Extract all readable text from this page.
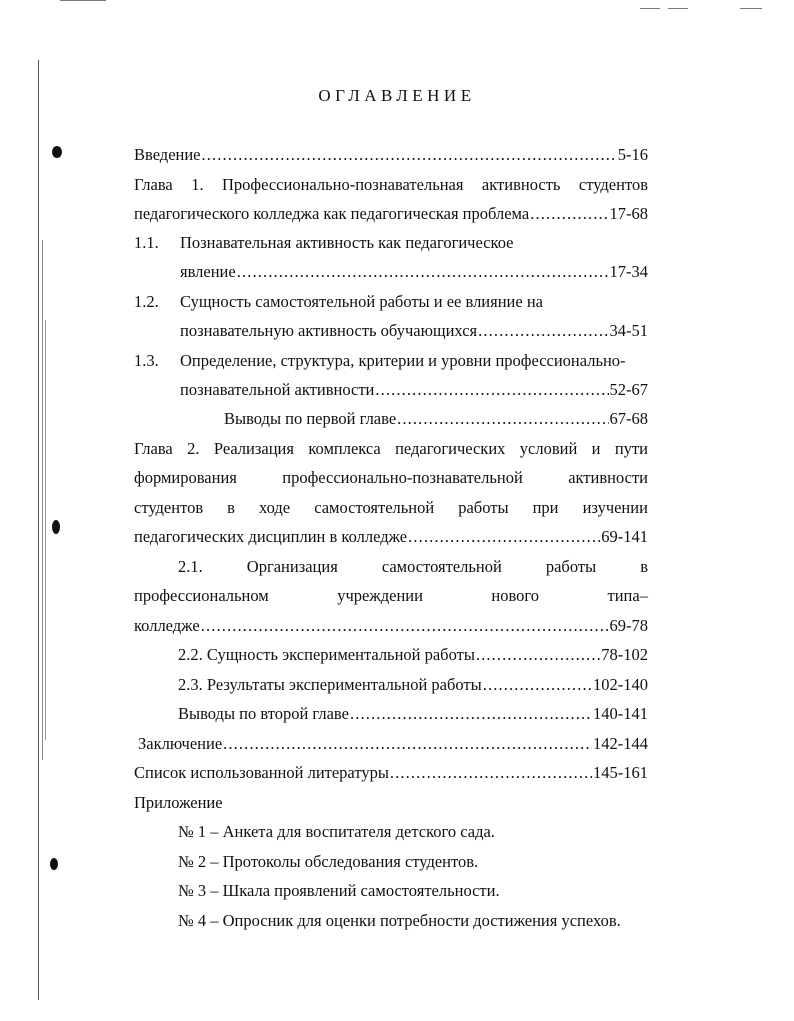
ОГЛАВЛЕНИЕ
Введение . . .	5-16
Глава 1. Профессионально-познавательная активность студентов
педагогического колледжа как педагогическая проблема . . .	17-68
1.1. Познавательная активность как педагогическое
явление . . .	17-34
1.2. Сущность самостоятельной работы и ее влияние на
познавательную активность обучающихся . . .	34-51
1.3. Определение, структура, критерии и уровни профессионально-
познавательной активности . . .	52-67
Выводы по первой главе . . .	67-68
Глава 2. Реализация комплекса педагогических условий и пути
формирования	профессионально-познавательной	активности
студентов в ходе самостоятельной работы при изучении
педагогических дисциплин в колледже . . .	69-141
2.1.	Организация	самостоятельной	работы	в
профессиональном	учреждении	нового	типа–
колледже . . .	69-78
2.2. Сущность экспериментальной работы . . .	78-102
2.3. Результаты экспериментальной работы . . .	102-140
Выводы по второй главе . . .	140-141
Заключение . . .	142-144
Список использованной литературы . . .	145-161
Приложение
№ 1 – Анкета для воспитателя детского сада.
№ 2 – Протоколы обследования студентов.
№ 3 – Шкала проявлений самостоятельности.
№ 4 – Опросник для оценки потребности достижения успехов.
